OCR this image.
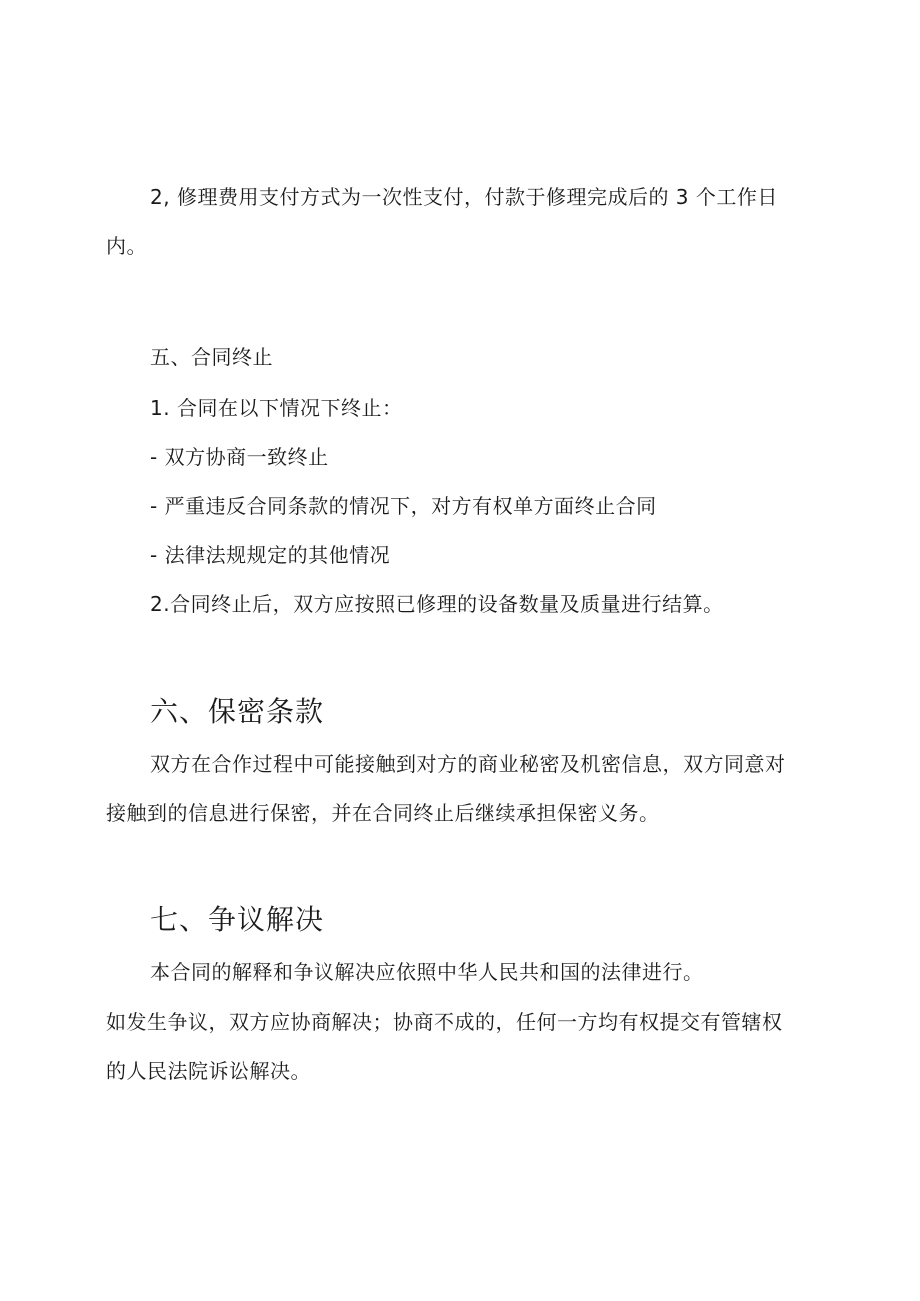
2, 修理费用支付方式为一次性支付，付款于修理完成后的 3 个工作日
内。
五、合同终止
1. 合同在以下情况下终止：
- 双方协商一致终止
- 严重违反合同条款的情况下，对方有权单方面终止合同
- 法律法规规定的其他情况
2.合同终止后，双方应按照已修理的设备数量及质量进行结算。
六、保密条款
双方在合作过程中可能接触到对方的商业秘密及机密信息，双方同意对
接触到的信息进行保密，并在合同终止后继续承担保密义务。
七、争议解决
本合同的解释和争议解决应依照中华人民共和国的法律进行。
如发生争议，双方应协商解决；协商不成的，任何一方均有权提交有管辖权
的人民法院诉讼解决。
